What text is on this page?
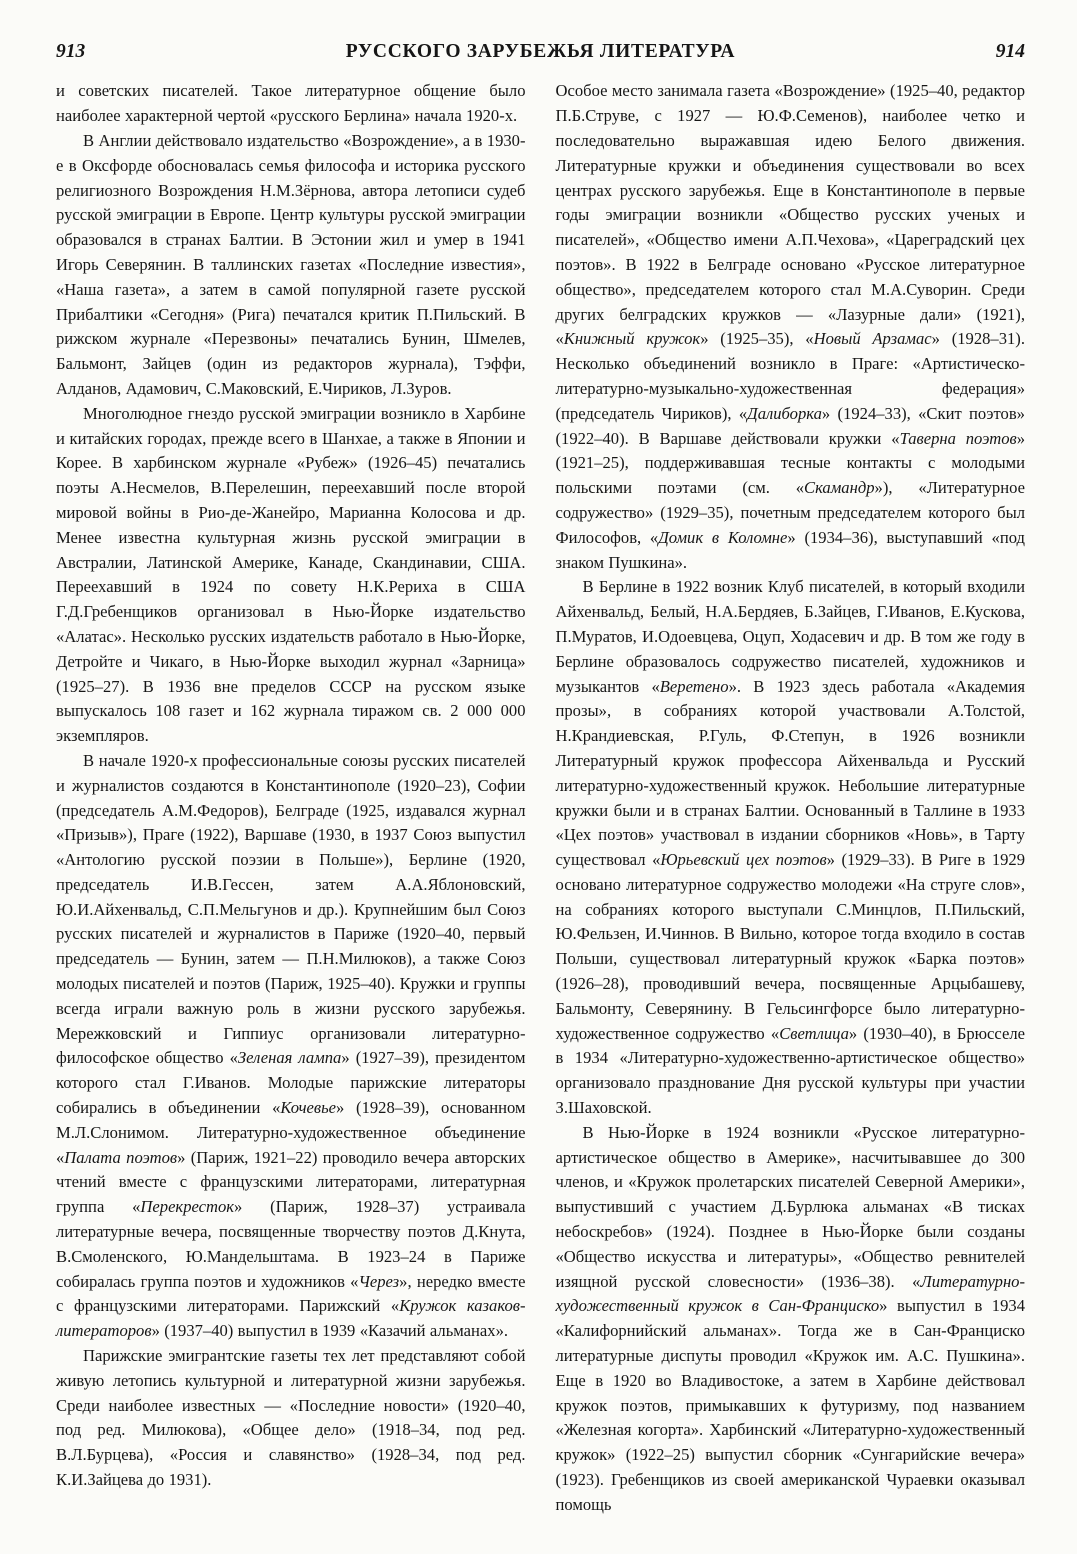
913	РУССКОГО ЗАРУБЕЖЬЯ ЛИТЕРАТУРА	914

и советских писателей. Такое литературное общение было наиболее характерной чертой «русского Берлина» начала 1920-х.

В Англии действовало издательство «Возрождение», а в 1930-е в Оксфорде обосновалась семья философа и историка русского религиозного Возрождения Н.М.Зёрнова, автора летописи судеб русской эмиграции в Европе. Центр культуры русской эмиграции образовался в странах Балтии. В Эстонии жил и умер в 1941 Игорь Северянин. В таллинских газетах «Последние известия», «Наша газета», а затем в самой популярной газете русской Прибалтики «Сегодня» (Рига) печатался критик П.Пильский. В рижском журнале «Перезвоны» печатались Бунин, Шмелев, Бальмонт, Зайцев (один из редакторов журнала), Тэффи, Алданов, Адамович, С.Маковский, Е.Чириков, Л.Зуров.

Многолюдное гнездо русской эмиграции возникло в Харбине и китайских городах, прежде всего в Шанхае, а также в Японии и Корее. В харбинском журнале «Рубеж» (1926–45) печатались поэты А.Несмелов, В.Перелешин, переехавший после второй мировой войны в Рио-де-Жанейро, Марианна Колосова и др. Менее известна культурная жизнь русской эмиграции в Австралии, Латинской Америке, Канаде, Скандинавии, США. Переехавший в 1924 по совету Н.К.Рериха в США Г.Д.Гребенщиков организовал в Нью-Йорке издательство «Алатас». Несколько русских издательств работало в Нью-Йорке, Детройте и Чикаго, в Нью-Йорке выходил журнал «Зарница» (1925–27). В 1936 вне пределов СССР на русском языке выпускалось 108 газет и 162 журнала тиражом св. 2 000 000 экземпляров.

В начале 1920-х профессиональные союзы русских писателей и журналистов создаются в Константинополе (1920–23), Софии (председатель А.М.Федоров), Белграде (1925, издавался журнал «Призыв»), Праге (1922), Варшаве (1930, в 1937 Союз выпустил «Антологию русской поэзии в Польше»), Берлине (1920, председатель И.В.Гессен, затем А.А.Яблоновский, Ю.И.Айхенвальд, С.П.Мельгунов и др.). Крупнейшим был Союз русских писателей и журналистов в Париже (1920–40, первый председатель — Бунин, затем — П.Н.Милюков), а также Союз молодых писателей и поэтов (Париж, 1925–40). Кружки и группы всегда играли важную роль в жизни русского зарубежья. Мережковский и Гиппиус организовали литературно-философское общество «Зеленая лампа» (1927–39), президентом которого стал Г.Иванов. Молодые парижские литераторы собирались в объединении «Кочевье» (1928–39), основанном М.Л.Слонимом. Литературно-художественное объединение «Палата поэтов» (Париж, 1921–22) проводило вечера авторских чтений вместе с французскими литераторами, литературная группа «Перекресток» (Париж, 1928–37) устраивала литературные вечера, посвященные творчеству поэтов Д.Кнута, В.Смоленского, Ю.Мандельштама. В 1923–24 в Париже собиралась группа поэтов и художников «Через», нередко вместе с французскими литераторами. Парижский «Кружок казаков-литераторов» (1937–40) выпустил в 1939 «Казачий альманах».

Парижские эмигрантские газеты тех лет представляют собой живую летопись культурной и литературной жизни зарубежья. Среди наиболее известных — «Последние новости» (1920–40, под ред. Милюкова), «Общее дело» (1918–34, под ред. В.Л.Бурцева), «Россия и славянство» (1928–34, под ред. К.И.Зайцева до 1931).

Особое место занимала газета «Возрождение» (1925–40, редактор П.Б.Струве, с 1927 — Ю.Ф.Семенов), наиболее четко и последовательно выражавшая идею Белого движения. Литературные кружки и объединения существовали во всех центрах русского зарубежья. Еще в Константинополе в первые годы эмиграции возникли «Общество русских ученых и писателей», «Общество имени А.П.Чехова», «Цареградский цех поэтов». В 1922 в Белграде основано «Русское литературное общество», председателем которого стал М.А.Суворин. Среди других белградских кружков — «Лазурные дали» (1921), «Книжный кружок» (1925–35), «Новый Арзамас» (1928–31). Несколько объединений возникло в Праге: «Артистическо-литературно-музыкально-художественная федерация» (председатель Чириков), «Далиборка» (1924–33), «Скит поэтов» (1922–40). В Варшаве действовали кружки «Таверна поэтов» (1921–25), поддерживавшая тесные контакты с молодыми польскими поэтами (см. «Скамандр»), «Литературное содружество» (1929–35), почетным председателем которого был Философов, «Домик в Коломне» (1934–36), выступавший «под знаком Пушкина».

В Берлине в 1922 возник Клуб писателей, в который входили Айхенвальд, Белый, Н.А.Бердяев, Б.Зайцев, Г.Иванов, Е.Кускова, П.Муратов, И.Одоевцева, Оцуп, Ходасевич и др. В том же году в Берлине образовалось содружество писателей, художников и музыкантов «Веретено». В 1923 здесь работала «Академия прозы», в собраниях которой участвовали А.Толстой, Н.Крандиевская, Р.Гуль, Ф.Степун, в 1926 возникли Литературный кружок профессора Айхенвальда и Русский литературно-художественный кружок. Небольшие литературные кружки были и в странах Балтии. Основанный в Таллине в 1933 «Цех поэтов» участвовал в издании сборников «Новь», в Тарту существовал «Юрьевский цех поэтов» (1929–33). В Риге в 1929 основано литературное содружество молодежи «На струге слов», на собраниях которого выступали С.Минцлов, П.Пильский, Ю.Фельзен, И.Чиннов. В Вильно, которое тогда входило в состав Польши, существовал литературный кружок «Барка поэтов» (1926–28), проводивший вечера, посвященные Арцыбашеву, Бальмонту, Северянину. В Гельсингфорсе было литературно-художественное содружество «Светлица» (1930–40), в Брюсселе в 1934 «Литературно-художественно-артистическое общество» организовало празднование Дня русской культуры при участии З.Шаховской.

В Нью-Йорке в 1924 возникли «Русское литературно-артистическое общество в Америке», насчитывавшее до 300 членов, и «Кружок пролетарских писателей Северной Америки», выпустивший с участием Д.Бурлюка альманах «В тисках небоскребов» (1924). Позднее в Нью-Йорке были созданы «Общество искусства и литературы», «Общество ревнителей изящной русской словесности» (1936–38). «Литературно-художественный кружок в Сан-Франциско» выпустил в 1934 «Калифорнийский альманах». Тогда же в Сан-Франциско литературные диспуты проводил «Кружок им. А.С. Пушкина». Еще в 1920 во Владивостоке, а затем в Харбине действовал кружок поэтов, примыкавших к футуризму, под названием «Железная когорта». Харбинский «Литературно-художественный кружок» (1922–25) выпустил сборник «Сунгарийские вечера» (1923). Гребенщиков из своей американской Чураевки оказывал помощь
